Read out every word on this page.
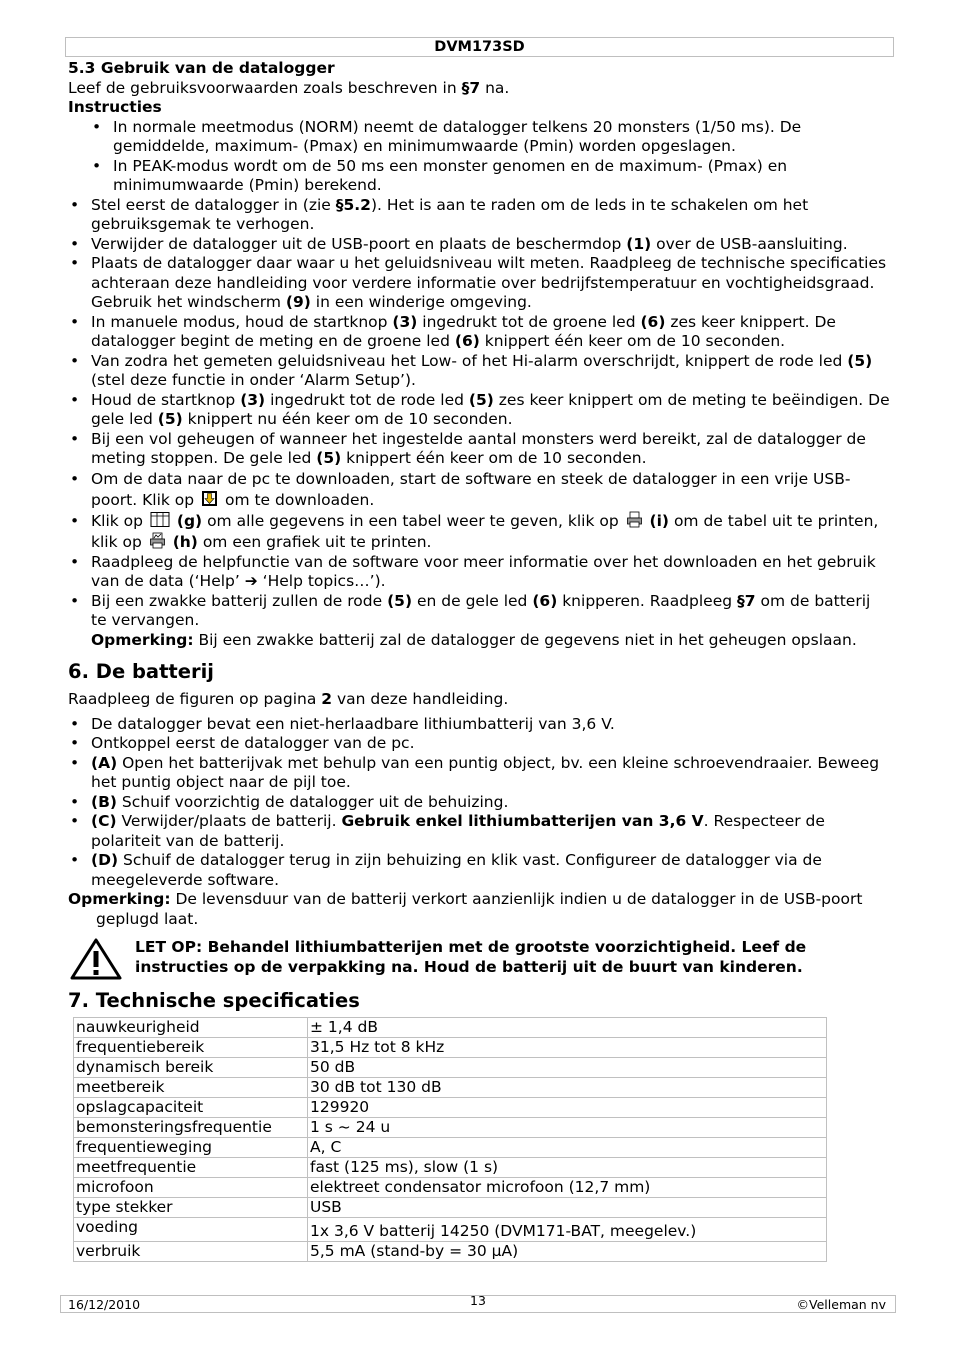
DVM173SD

5.3 Gebruik van de datalogger

Leef de gebruiksvoorwaarden zoals beschreven in §7 na.

Instructies

• In normale meetmodus (NORM) neemt de datalogger telkens 20 monsters (1/50 ms). De gemiddelde, maximum- (Pmax) en minimumwaarde (Pmin) worden opgeslagen.
• In PEAK-modus wordt om de 50 ms een monster genomen en de maximum- (Pmax) en minimumwaarde (Pmin) berekend.
• Stel eerst de datalogger in (zie §5.2). Het is aan te raden om de leds in te schakelen om het gebruiksgemak te verhogen.
• Verwijder de datalogger uit de USB-poort en plaats de beschermdop (1) over de USB-aansluiting.
• Plaats de datalogger daar waar u het geluidsniveau wilt meten. Raadpleeg de technische specificaties achteraan deze handleiding voor verdere informatie over bedrijfstemperatuur en vochtigheidsgraad. Gebruik het windscherm (9) in een winderige omgeving.
• In manuele modus, houd de startknop (3) ingedrukt tot de groene led (6) zes keer knippert. De datalogger begint de meting en de groene led (6) knippert één keer om de 10 seconden.
• Van zodra het gemeten geluidsniveau het Low- of het Hi-alarm overschrijdt, knippert de rode led (5) (stel deze functie in onder ‘Alarm Setup’).
• Houd de startknop (3) ingedrukt tot de rode led (5) zes keer knippert om de meting te beëindigen. De gele led (5) knippert nu één keer om de 10 seconden.
• Bij een vol geheugen of wanneer het ingestelde aantal monsters werd bereikt, zal de datalogger de meting stoppen. De gele led (5) knippert één keer om de 10 seconden.
• Om de data naar de pc te downloaden, start de software en steek de datalogger in een vrije USB-poort. Klik op  om te downloaden.
• Klik op  (g) om alle gegevens in een tabel weer te geven, klik op  (i) om de tabel uit te printen, klik op  (h) om een grafiek uit te printen.
• Raadpleeg de helpfunctie van de software voor meer informatie over het downloaden en het gebruik van de data (‘Help’ ➔ ‘Help topics…’).
• Bij een zwakke batterij zullen de rode (5) en de gele led (6) knipperen. Raadpleeg §7 om de batterij te vervangen.

Opmerking: Bij een zwakke batterij zal de datalogger de gegevens niet in het geheugen opslaan.

6. De batterij

Raadpleeg de figuren op pagina 2 van deze handleiding.

• De datalogger bevat een niet-herlaadbare lithiumbatterij van 3,6 V.
• Ontkoppel eerst de datalogger van de pc.
• (A) Open het batterijvak met behulp van een puntig object, bv. een kleine schroevendraaier. Beweeg het puntig object naar de pijl toe.
• (B) Schuif voorzichtig de datalogger uit de behuizing.
• (C) Verwijder/plaats de batterij. Gebruik enkel lithiumbatterijen van 3,6 V. Respecteer de polariteit van de batterij.
• (D) Schuif de datalogger terug in zijn behuizing en klik vast. Configureer de datalogger via de meegeleverde software.

Opmerking: De levensduur van de batterij verkort aanzienlijk indien u de datalogger in de USB-poort geplugd laat.

LET OP: Behandel lithiumbatterijen met de grootste voorzichtigheid. Leef de instructies op de verpakking na. Houd de batterij uit de buurt van kinderen.
7. Technische specificaties
nauwkeurigheid	± 1,4 dB
frequentiebereik	31,5 Hz tot 8 kHz
dynamisch bereik	50 dB
meetbereik	30 dB tot 130 dB
opslagcapaciteit	129920
bemonsteringsfrequentie	1 s ~ 24 u
frequentieweging	A, C
meetfrequentie	fast (125 ms), slow (1 s)
microfoon	elektreet condensator microfoon (12,7 mm)
type stekker	USB
voeding	1x 3,6 V batterij 14250 (DVM171-BAT, meegelev.)
verbruik	5,5 mA (stand-by = 30 µA)
16/12/2010	13	©Velleman nv
